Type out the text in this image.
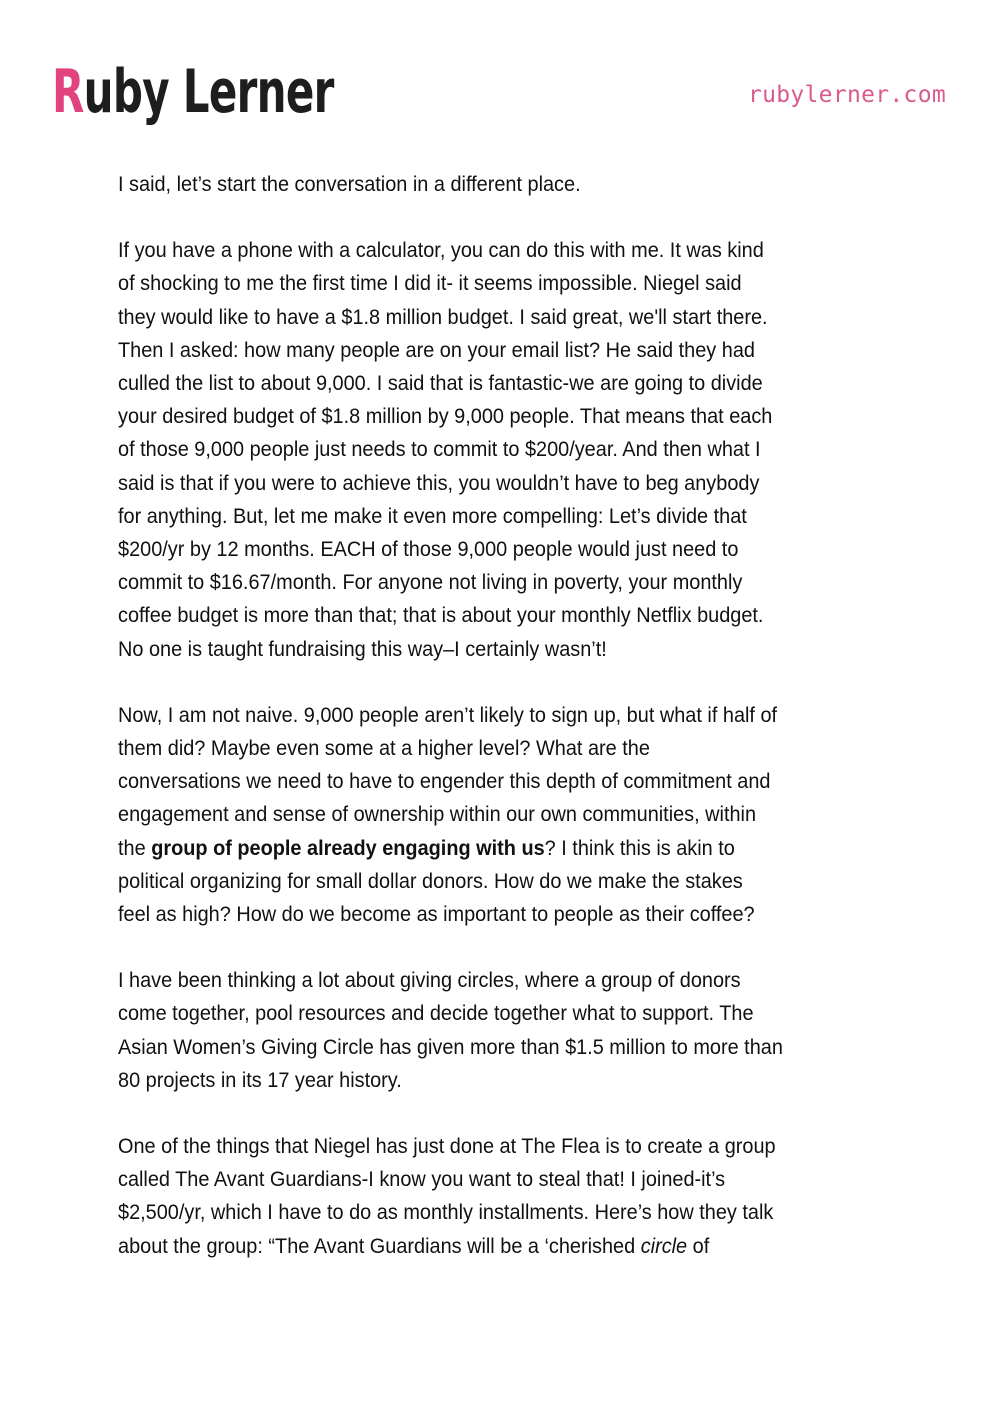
Ruby Lerner	rubylerner.com

I said, let’s start the conversation in a different place.

If you have a phone with a calculator, you can do this with me. It was kind
of shocking to me the first time I did it- it seems impossible. Niegel said
they would like to have a $1.8 million budget. I said great, we'll start there.
Then I asked: how many people are on your email list? He said they had
culled the list to about 9,000. I said that is fantastic-we are going to divide
your desired budget of $1.8 million by 9,000 people. That means that each
of those 9,000 people just needs to commit to $200/year. And then what I
said is that if you were to achieve this, you wouldn’t have to beg anybody
for anything. But, let me make it even more compelling: Let’s divide that
$200/yr by 12 months. EACH of those 9,000 people would just need to
commit to $16.67/month. For anyone not living in poverty, your monthly
coffee budget is more than that; that is about your monthly Netflix budget.
No one is taught fundraising this way–I certainly wasn’t!

Now, I am not naive. 9,000 people aren’t likely to sign up, but what if half of
them did? Maybe even some at a higher level? What are the
conversations we need to have to engender this depth of commitment and
engagement and sense of ownership within our own communities, within
the group of people already engaging with us? I think this is akin to
political organizing for small dollar donors. How do we make the stakes
feel as high? How do we become as important to people as their coffee?

I have been thinking a lot about giving circles, where a group of donors
come together, pool resources and decide together what to support. The
Asian Women’s Giving Circle has given more than $1.5 million to more than
80 projects in its 17 year history.

One of the things that Niegel has just done at The Flea is to create a group
called The Avant Guardians-I know you want to steal that! I joined-it’s
$2,500/yr, which I have to do as monthly installments. Here’s how they talk
about the group: “The Avant Guardians will be a ‘cherished circle of
